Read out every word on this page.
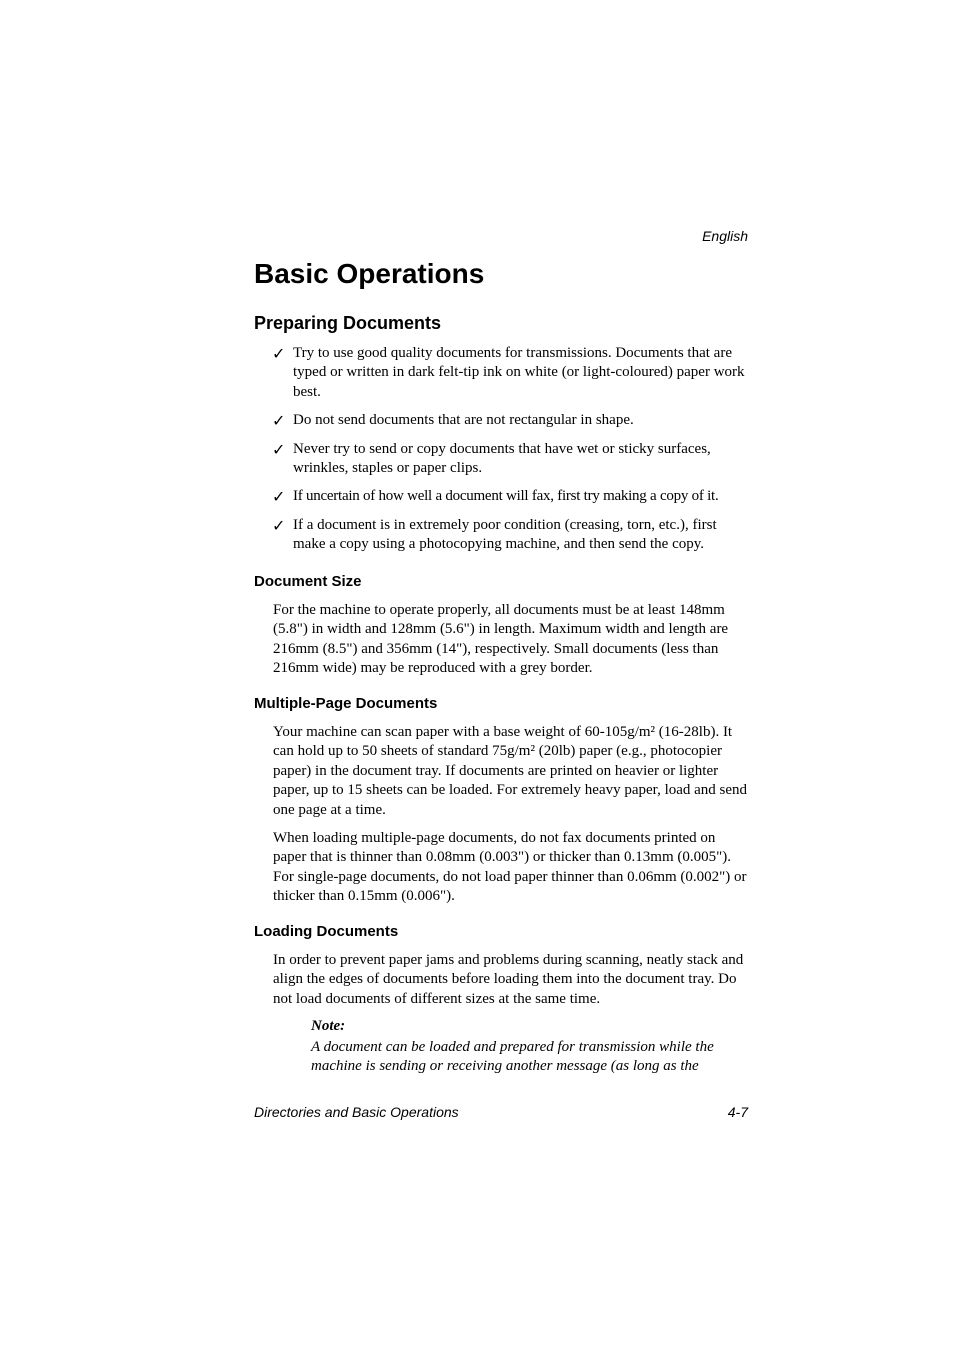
English
Basic Operations
Preparing Documents
✓ Try to use good quality documents for transmissions. Documents that are typed or written in dark felt-tip ink on white (or light-coloured) paper work best.
✓ Do not send documents that are not rectangular in shape.
✓ Never try to send or copy documents that have wet or sticky surfaces, wrinkles, staples or paper clips.
✓ If uncertain of how well a document will fax, first try making a copy of it.
✓ If a document is in extremely poor condition (creasing, torn, etc.), first make a copy using a photocopying machine, and then send the copy.
Document Size

For the machine to operate properly, all documents must be at least 148mm (5.8") in width and 128mm (5.6") in length. Maximum width and length are 216mm (8.5") and 356mm (14"), respectively. Small documents (less than 216mm wide) may be reproduced with a grey border.

Multiple-Page Documents

Your machine can scan paper with a base weight of 60-105g/m² (16-28lb). It can hold up to 50 sheets of standard 75g/m² (20lb) paper (e.g., photocopier paper) in the document tray. If documents are printed on heavier or lighter paper, up to 15 sheets can be loaded. For extremely heavy paper, load and send one page at a time.

When loading multiple-page documents, do not fax documents printed on paper that is thinner than 0.08mm (0.003") or thicker than 0.13mm (0.005"). For single-page documents, do not load paper thinner than 0.06mm (0.002") or thicker than 0.15mm (0.006").

Loading Documents

In order to prevent paper jams and problems during scanning, neatly stack and align the edges of documents before loading them into the document tray. Do not load documents of different sizes at the same time.

Note:

A document can be loaded and prepared for transmission while the machine is sending or receiving another message (as long as the

Directories and Basic Operations	4-7
